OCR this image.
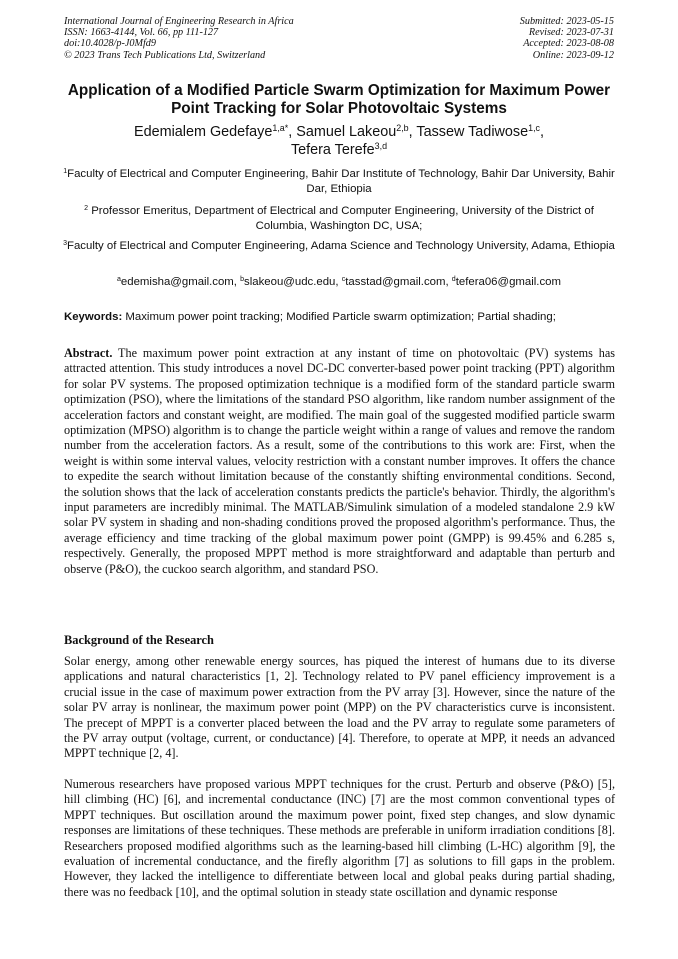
International Journal of Engineering Research in Africa
ISSN: 1663-4144, Vol. 66, pp 111-127
doi:10.4028/p-J0Mfd9
© 2023 Trans Tech Publications Ltd, Switzerland
Submitted: 2023-05-15
Revised: 2023-07-31
Accepted: 2023-08-08
Online: 2023-09-12
Application of a Modified Particle Swarm Optimization for Maximum Power Point Tracking for Solar Photovoltaic Systems
Edemialem Gedefaye$^{1,a*}$, Samuel Lakeou$^{2,b}$, Tassew Tadiwose$^{1,c}$,
Tefera Terefe$^{3,d}$
$^1$Faculty of Electrical and Computer Engineering, Bahir Dar Institute of Technology, Bahir Dar University, Bahir Dar, Ethiopia
$^2$ Professor Emeritus, Department of Electrical and Computer Engineering, University of the District of Columbia, Washington DC, USA;
$^3$Faculty of Electrical and Computer Engineering, Adama Science and Technology University, Adama, Ethiopia
$^a$edemisha@gmail.com, $^b$slakeou@udc.edu, $^c$tasstad@gmail.com, $^d$tefera06@gmail.com
Keywords: Maximum power point tracking; Modified Particle swarm optimization; Partial shading;
Abstract. The maximum power point extraction at any instant of time on photovoltaic (PV) systems has attracted attention. This study introduces a novel DC-DC converter-based power point tracking (PPT) algorithm for solar PV systems. The proposed optimization technique is a modified form of the standard particle swarm optimization (PSO), where the limitations of the standard PSO algorithm, like random number assignment of the acceleration factors and constant weight, are modified. The main goal of the suggested modified particle swarm optimization (MPSO) algorithm is to change the particle weight within a range of values and remove the random number from the acceleration factors. As a result, some of the contributions to this work are: First, when the weight is within some interval values, velocity restriction with a constant number improves. It offers the chance to expedite the search without limitation because of the constantly shifting environmental conditions. Second, the solution shows that the lack of acceleration constants predicts the particle's behavior. Thirdly, the algorithm's input parameters are incredibly minimal. The MATLAB/Simulink simulation of a modeled standalone 2.9 kW solar PV system in shading and non-shading conditions proved the proposed algorithm's performance. Thus, the average efficiency and time tracking of the global maximum power point (GMPP) is 99.45% and 6.285 s, respectively. Generally, the proposed MPPT method is more straightforward and adaptable than perturb and observe (P&O), the cuckoo search algorithm, and standard PSO.
Background of the Research
Solar energy, among other renewable energy sources, has piqued the interest of humans due to its diverse applications and natural characteristics [1, 2]. Technology related to PV panel efficiency improvement is a crucial issue in the case of maximum power extraction from the PV array [3]. However, since the nature of the solar PV array is nonlinear, the maximum power point (MPP) on the PV characteristics curve is inconsistent. The precept of MPPT is a converter placed between the load and the PV array to regulate some parameters of the PV array output (voltage, current, or conductance) [4]. Therefore, to operate at MPP, it needs an advanced MPPT technique [2, 4].
Numerous researchers have proposed various MPPT techniques for the crust. Perturb and observe (P&O) [5], hill climbing (HC) [6], and incremental conductance (INC) [7] are the most common conventional types of MPPT techniques. But oscillation around the maximum power point, fixed step changes, and slow dynamic responses are limitations of these techniques. These methods are preferable in uniform irradiation conditions [8]. Researchers proposed modified algorithms such as the learning-based hill climbing (L-HC) algorithm [9], the evaluation of incremental conductance, and the firefly algorithm [7] as solutions to fill gaps in the problem. However, they lacked the intelligence to differentiate between local and global peaks during partial shading, there was no feedback [10], and the optimal solution in steady state oscillation and dynamic response
